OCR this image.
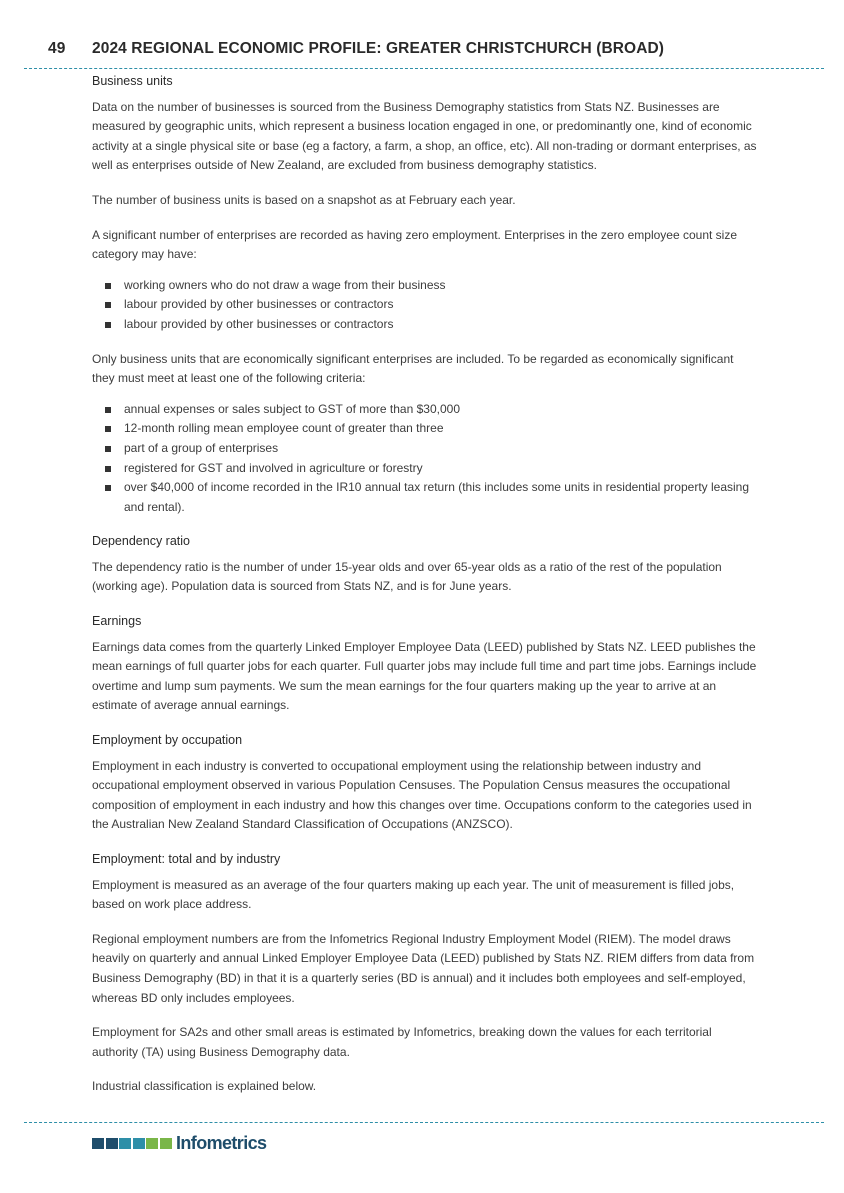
49	2024 REGIONAL ECONOMIC PROFILE: GREATER CHRISTCHURCH (BROAD)
Business units

Data on the number of businesses is sourced from the Business Demography statistics from Stats NZ. Businesses are measured by geographic units, which represent a business location engaged in one, or predominantly one, kind of economic activity at a single physical site or base (eg a factory, a farm, a shop, an office, etc). All non-trading or dormant enterprises, as well as enterprises outside of New Zealand, are excluded from business demography statistics.

The number of business units is based on a snapshot as at February each year.

A significant number of enterprises are recorded as having zero employment. Enterprises in the zero employee count size category may have:

working owners who do not draw a wage from their business
labour provided by other businesses or contractors
labour provided by other businesses or contractors

Only business units that are economically significant enterprises are included. To be regarded as economically significant they must meet at least one of the following criteria:

annual expenses or sales subject to GST of more than $30,000
12-month rolling mean employee count of greater than three
part of a group of enterprises
registered for GST and involved in agriculture or forestry
over $40,000 of income recorded in the IR10 annual tax return (this includes some units in residential property leasing and rental).
Dependency ratio

The dependency ratio is the number of under 15-year olds and over 65-year olds as a ratio of the rest of the population (working age). Population data is sourced from Stats NZ, and is for June years.

Earnings

Earnings data comes from the quarterly Linked Employer Employee Data (LEED) published by Stats NZ. LEED publishes the mean earnings of full quarter jobs for each quarter. Full quarter jobs may include full time and part time jobs. Earnings include overtime and lump sum payments. We sum the mean earnings for the four quarters making up the year to arrive at an estimate of average annual earnings.

Employment by occupation

Employment in each industry is converted to occupational employment using the relationship between industry and occupational employment observed in various Population Censuses. The Population Census measures the occupational composition of employment in each industry and how this changes over time. Occupations conform to the categories used in the Australian New Zealand Standard Classification of Occupations (ANZSCO).

Employment: total and by industry

Employment is measured as an average of the four quarters making up each year. The unit of measurement is filled jobs, based on work place address.

Regional employment numbers are from the Infometrics Regional Industry Employment Model (RIEM). The model draws heavily on quarterly and annual Linked Employer Employee Data (LEED) published by Stats NZ. RIEM differs from data from Business Demography (BD) in that it is a quarterly series (BD is annual) and it includes both employees and self-employed, whereas BD only includes employees.

Employment for SA2s and other small areas is estimated by Infometrics, breaking down the values for each territorial authority (TA) using Business Demography data.

Industrial classification is explained below.

Infometrics
